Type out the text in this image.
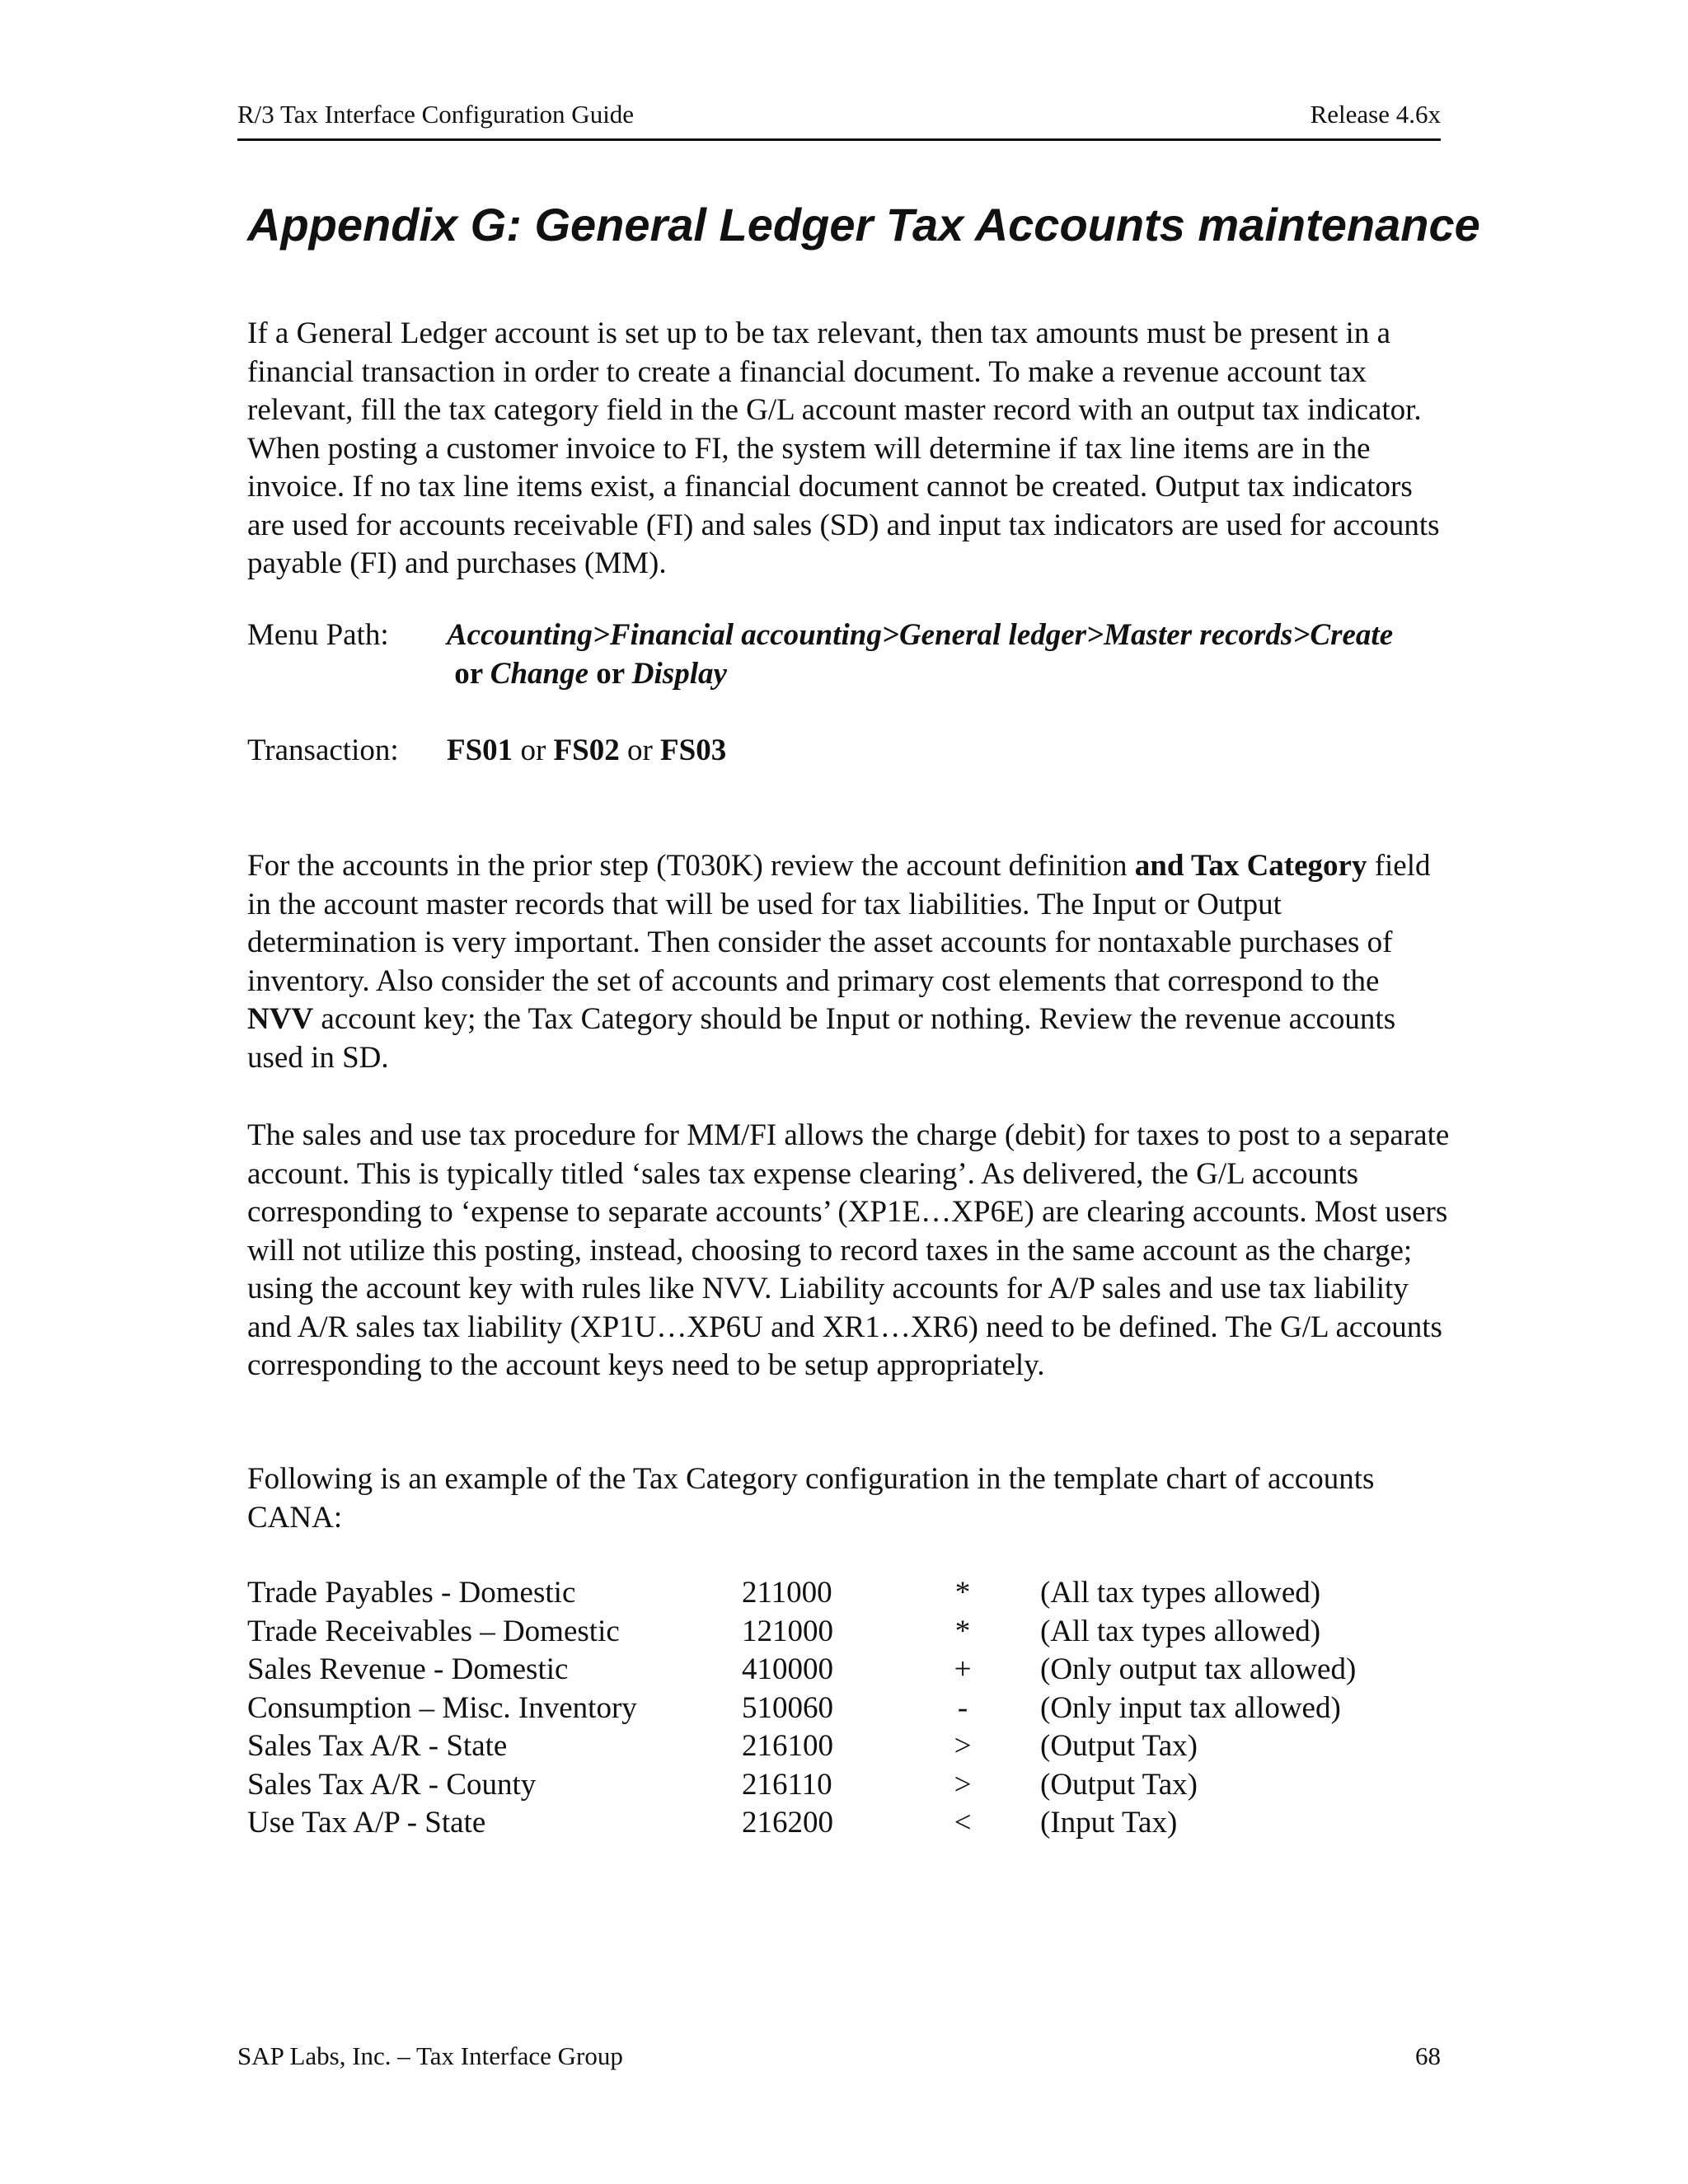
R/3 Tax Interface Configuration Guide	Release 4.6x
Appendix G: General Ledger Tax Accounts maintenance

If a General Ledger account is set up to be tax relevant, then tax amounts must be present in a financial transaction in order to create a financial document. To make a revenue account tax relevant, fill the tax category field in the G/L account master record with an output tax indicator. When posting a customer invoice to FI, the system will determine if tax line items are in the invoice. If no tax line items exist, a financial document cannot be created. Output tax indicators are used for accounts receivable (FI) and sales (SD) and input tax indicators are used for accounts payable (FI) and purchases (MM).

Menu Path: Accounting>Financial accounting>General ledger>Master records>Create or Change or Display
Transaction: FS01 or FS02 or FS03

For the accounts in the prior step (T030K) review the account definition and Tax Category field in the account master records that will be used for tax liabilities. The Input or Output determination is very important. Then consider the asset accounts for nontaxable purchases of inventory. Also consider the set of accounts and primary cost elements that correspond to the NVV account key; the Tax Category should be Input or nothing. Review the revenue accounts used in SD.

The sales and use tax procedure for MM/FI allows the charge (debit) for taxes to post to a separate account. This is typically titled ‘sales tax expense clearing’. As delivered, the G/L accounts corresponding to ‘expense to separate accounts’ (XP1E…XP6E) are clearing accounts. Most users will not utilize this posting, instead, choosing to record taxes in the same account as the charge; using the account key with rules like NVV. Liability accounts for A/P sales and use tax liability and A/R sales tax liability (XP1U…XP6U and XR1…XR6) need to be defined. The G/L accounts corresponding to the account keys need to be setup appropriately.

Following is an example of the Tax Category configuration in the template chart of accounts CANA:

Trade Payables - Domestic	211000	*	(All tax types allowed)
Trade Receivables – Domestic	121000	*	(All tax types allowed)
Sales Revenue - Domestic	410000	+	(Only output tax allowed)
Consumption – Misc. Inventory	510060	-	(Only input tax allowed)
Sales Tax A/R - State	216100	>	(Output Tax)
Sales Tax A/R - County	216110	>	(Output Tax)
Use Tax A/P - State	216200	<	(Input Tax)
SAP Labs, Inc. – Tax Interface Group	68
